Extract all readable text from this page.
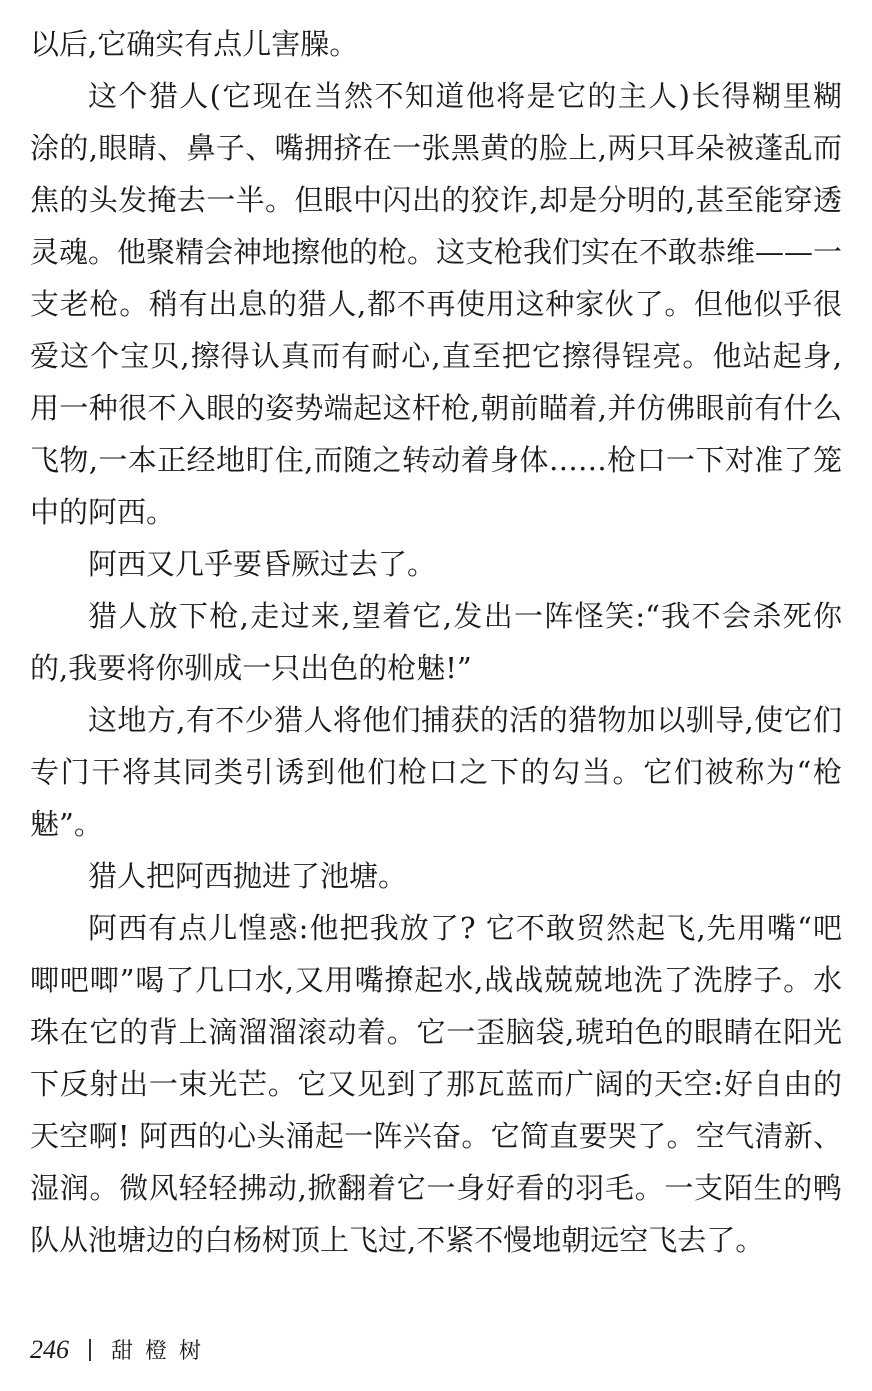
以后,它确实有点儿害臊。
这个猎人(它现在当然不知道他将是它的主人)长得糊里糊
涂的,眼睛、鼻子、嘴拥挤在一张黑黄的脸上,两只耳朵被蓬乱而
焦的头发掩去一半。但眼中闪出的狡诈,却是分明的,甚至能穿透
灵魂。他聚精会神地擦他的枪。这支枪我们实在不敢恭维——一
支老枪。稍有出息的猎人,都不再使用这种家伙了。但他似乎很
爱这个宝贝,擦得认真而有耐心,直至把它擦得锃亮。他站起身,
用一种很不入眼的姿势端起这杆枪,朝前瞄着,并仿佛眼前有什么
飞物,一本正经地盯住,而随之转动着身体……枪口一下对准了笼
中的阿西。
阿西又几乎要昏厥过去了。
猎人放下枪,走过来,望着它,发出一阵怪笑:“我不会杀死你
的,我要将你驯成一只出色的枪魅!”
这地方,有不少猎人将他们捕获的活的猎物加以驯导,使它们
专门干将其同类引诱到他们枪口之下的勾当。它们被称为“枪
魅”。
猎人把阿西抛进了池塘。
阿西有点儿惶惑:他把我放了? 它不敢贸然起飞,先用嘴“吧
唧吧唧”喝了几口水,又用嘴撩起水,战战兢兢地洗了洗脖子。水
珠在它的背上滴溜溜滚动着。它一歪脑袋,琥珀色的眼睛在阳光
下反射出一束光芒。它又见到了那瓦蓝而广阔的天空:好自由的
天空啊! 阿西的心头涌起一阵兴奋。它简直要哭了。空气清新、
湿润。微风轻轻拂动,掀翻着它一身好看的羽毛。一支陌生的鸭
队从池塘边的白杨树顶上飞过,不紧不慢地朝远空飞去了。
246 甜橙树
